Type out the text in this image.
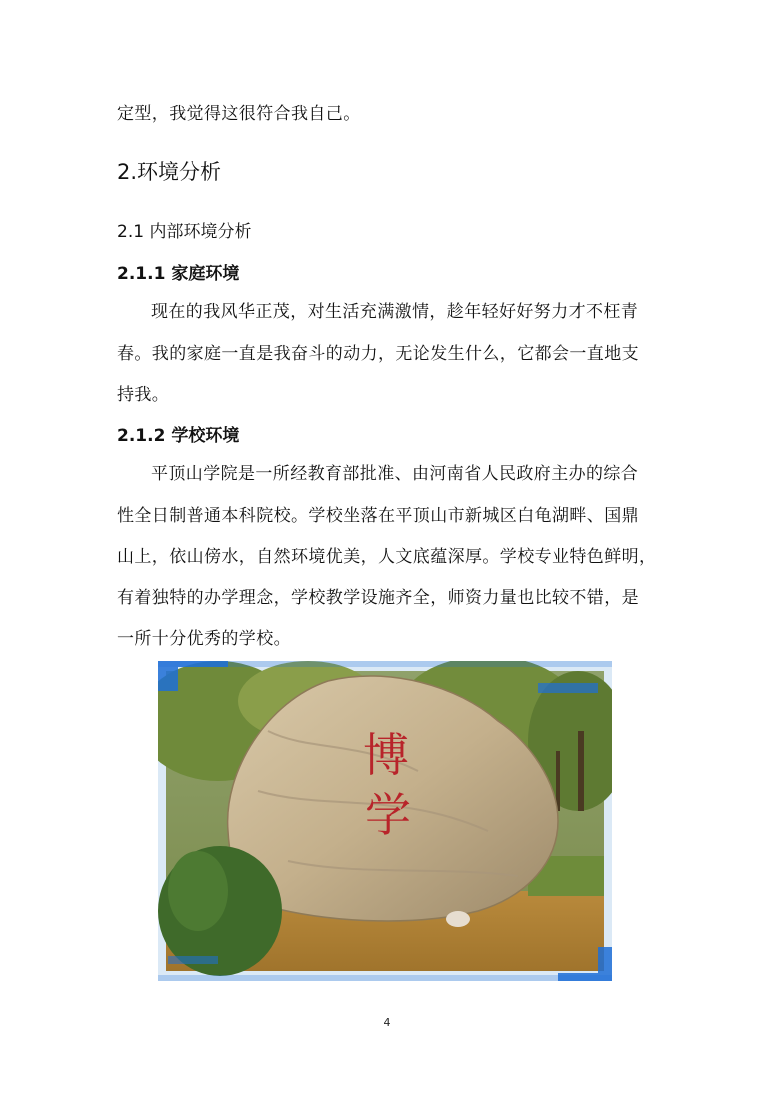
定型，我觉得这很符合我自己。
2.环境分析
2.1 内部环境分析
2.1.1 家庭环境
现在的我风华正茂，对生活充满激情，趁年轻好好努力才不枉青
春。我的家庭一直是我奋斗的动力，无论发生什么，它都会一直地支
持我。
2.1.2 学校环境
平顶山学院是一所经教育部批准、由河南省人民政府主办的综合
性全日制普通本科院校。学校坐落在平顶山市新城区白龟湖畔、国鼎
山上，依山傍水，自然环境优美，人文底蕴深厚。学校专业特色鲜明，
有着独特的办学理念，学校教学设施齐全，师资力量也比较不错，是
一所十分优秀的学校。
博
学
4
